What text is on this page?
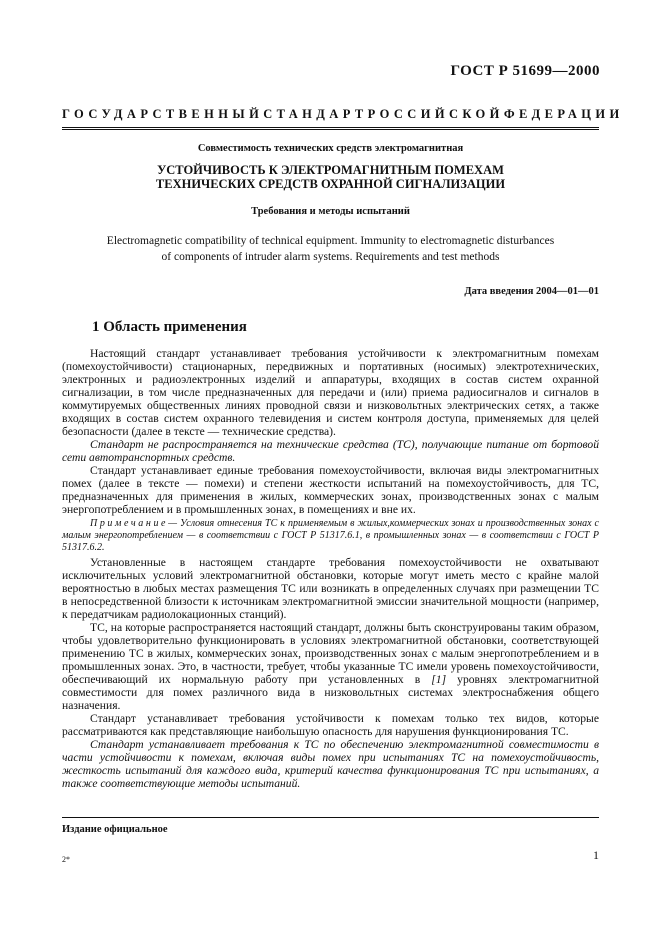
ГОСТ Р 51699—2000
ГОСУДАРСТВЕННЫЙ СТАНДАРТ РОССИЙСКОЙ ФЕДЕРАЦИИ
Совместимость технических средств электромагнитная
УСТОЙЧИВОСТЬ К ЭЛЕКТРОМАГНИТНЫМ ПОМЕХАМ
ТЕХНИЧЕСКИХ СРЕДСТВ ОХРАННОЙ СИГНАЛИЗАЦИИ
Требования и методы испытаний
Electromagnetic compatibility of technical equipment. Immunity to electromagnetic disturbances
of components of intruder alarm systems. Requirements and test methods
Дата введения 2004—01—01
1 Область применения

Настоящий стандарт устанавливает требования устойчивости к электромагнитным помехам (помехоустойчивости) стационарных, передвижных и портативных (носимых) электротехнических, электронных и радиоэлектронных изделий и аппаратуры, входящих в состав систем охранной сигнализации, в том числе предназначенных для передачи и (или) приема радиосигналов и сигналов в коммутируемых общественных линиях проводной связи и низковольтных электрических сетях, а также входящих в состав систем охранного телевидения и систем контроля доступа, применяемых для целей безопасности (далее в тексте — технические средства).

Стандарт не распространяется на технические средства (ТС), получающие питание от бортовой сети автотранспортных средств.

Стандарт устанавливает единые требования помехоустойчивости, включая виды электромагнитных помех (далее в тексте — помехи) и степени жесткости испытаний на помехоустойчивость, для ТС, предназначенных для применения в жилых, коммерческих зонах, производственных зонах с малым энергопотреблением и в промышленных зонах, в помещениях и вне их.

Примечание— Условия отнесения ТС к применяемым в жилых,коммерческих зонах и производственных зонах с малым энергопотреблением — в соответствии с ГОСТ Р 51317.6.1, в промышленных зонах — в соответствии с ГОСТ Р 51317.6.2.

Установленные в настоящем стандарте требования помехоустойчивости не охватывают исключительных условий электромагнитной обстановки, которые могут иметь место с крайне малой вероятностью в любых местах размещения ТС или возникать в определенных случаях при размещении ТС в непосредственной близости к источникам электромагнитной эмиссии значительной мощности (например, к передатчикам радиолокационных станций).

ТС, на которые распространяется настоящий стандарт, должны быть сконструированы таким образом, чтобы удовлетворительно функционировать в условиях электромагнитной обстановки, соответствующей применению ТС в жилых, коммерческих зонах, производственных зонах с малым энергопотреблением и в промышленных зонах. Это, в частности, требует, чтобы указанные ТС имели уровень помехоустойчивости, обеспечивающий их нормальную работу при установленных в [1] уровнях электромагнитной совместимости для помех различного вида в низковольтных системах электроснабжения общего назначения.

Стандарт устанавливает требования устойчивости к помехам только тех видов, которые рассматриваются как представляющие наибольшую опасность для нарушения функционирования ТС.

Стандарт устанавливает требования к ТС по обеспечению электромагнитной совместимости в части устойчивости к помехам, включая виды помех при испытаниях ТС на помехоустойчивость, жесткость испытаний для каждого вида, критерий качества функционирования ТС при испытаниях, а также соответствующие методы испытаний.

Издание официальное
1
2*
